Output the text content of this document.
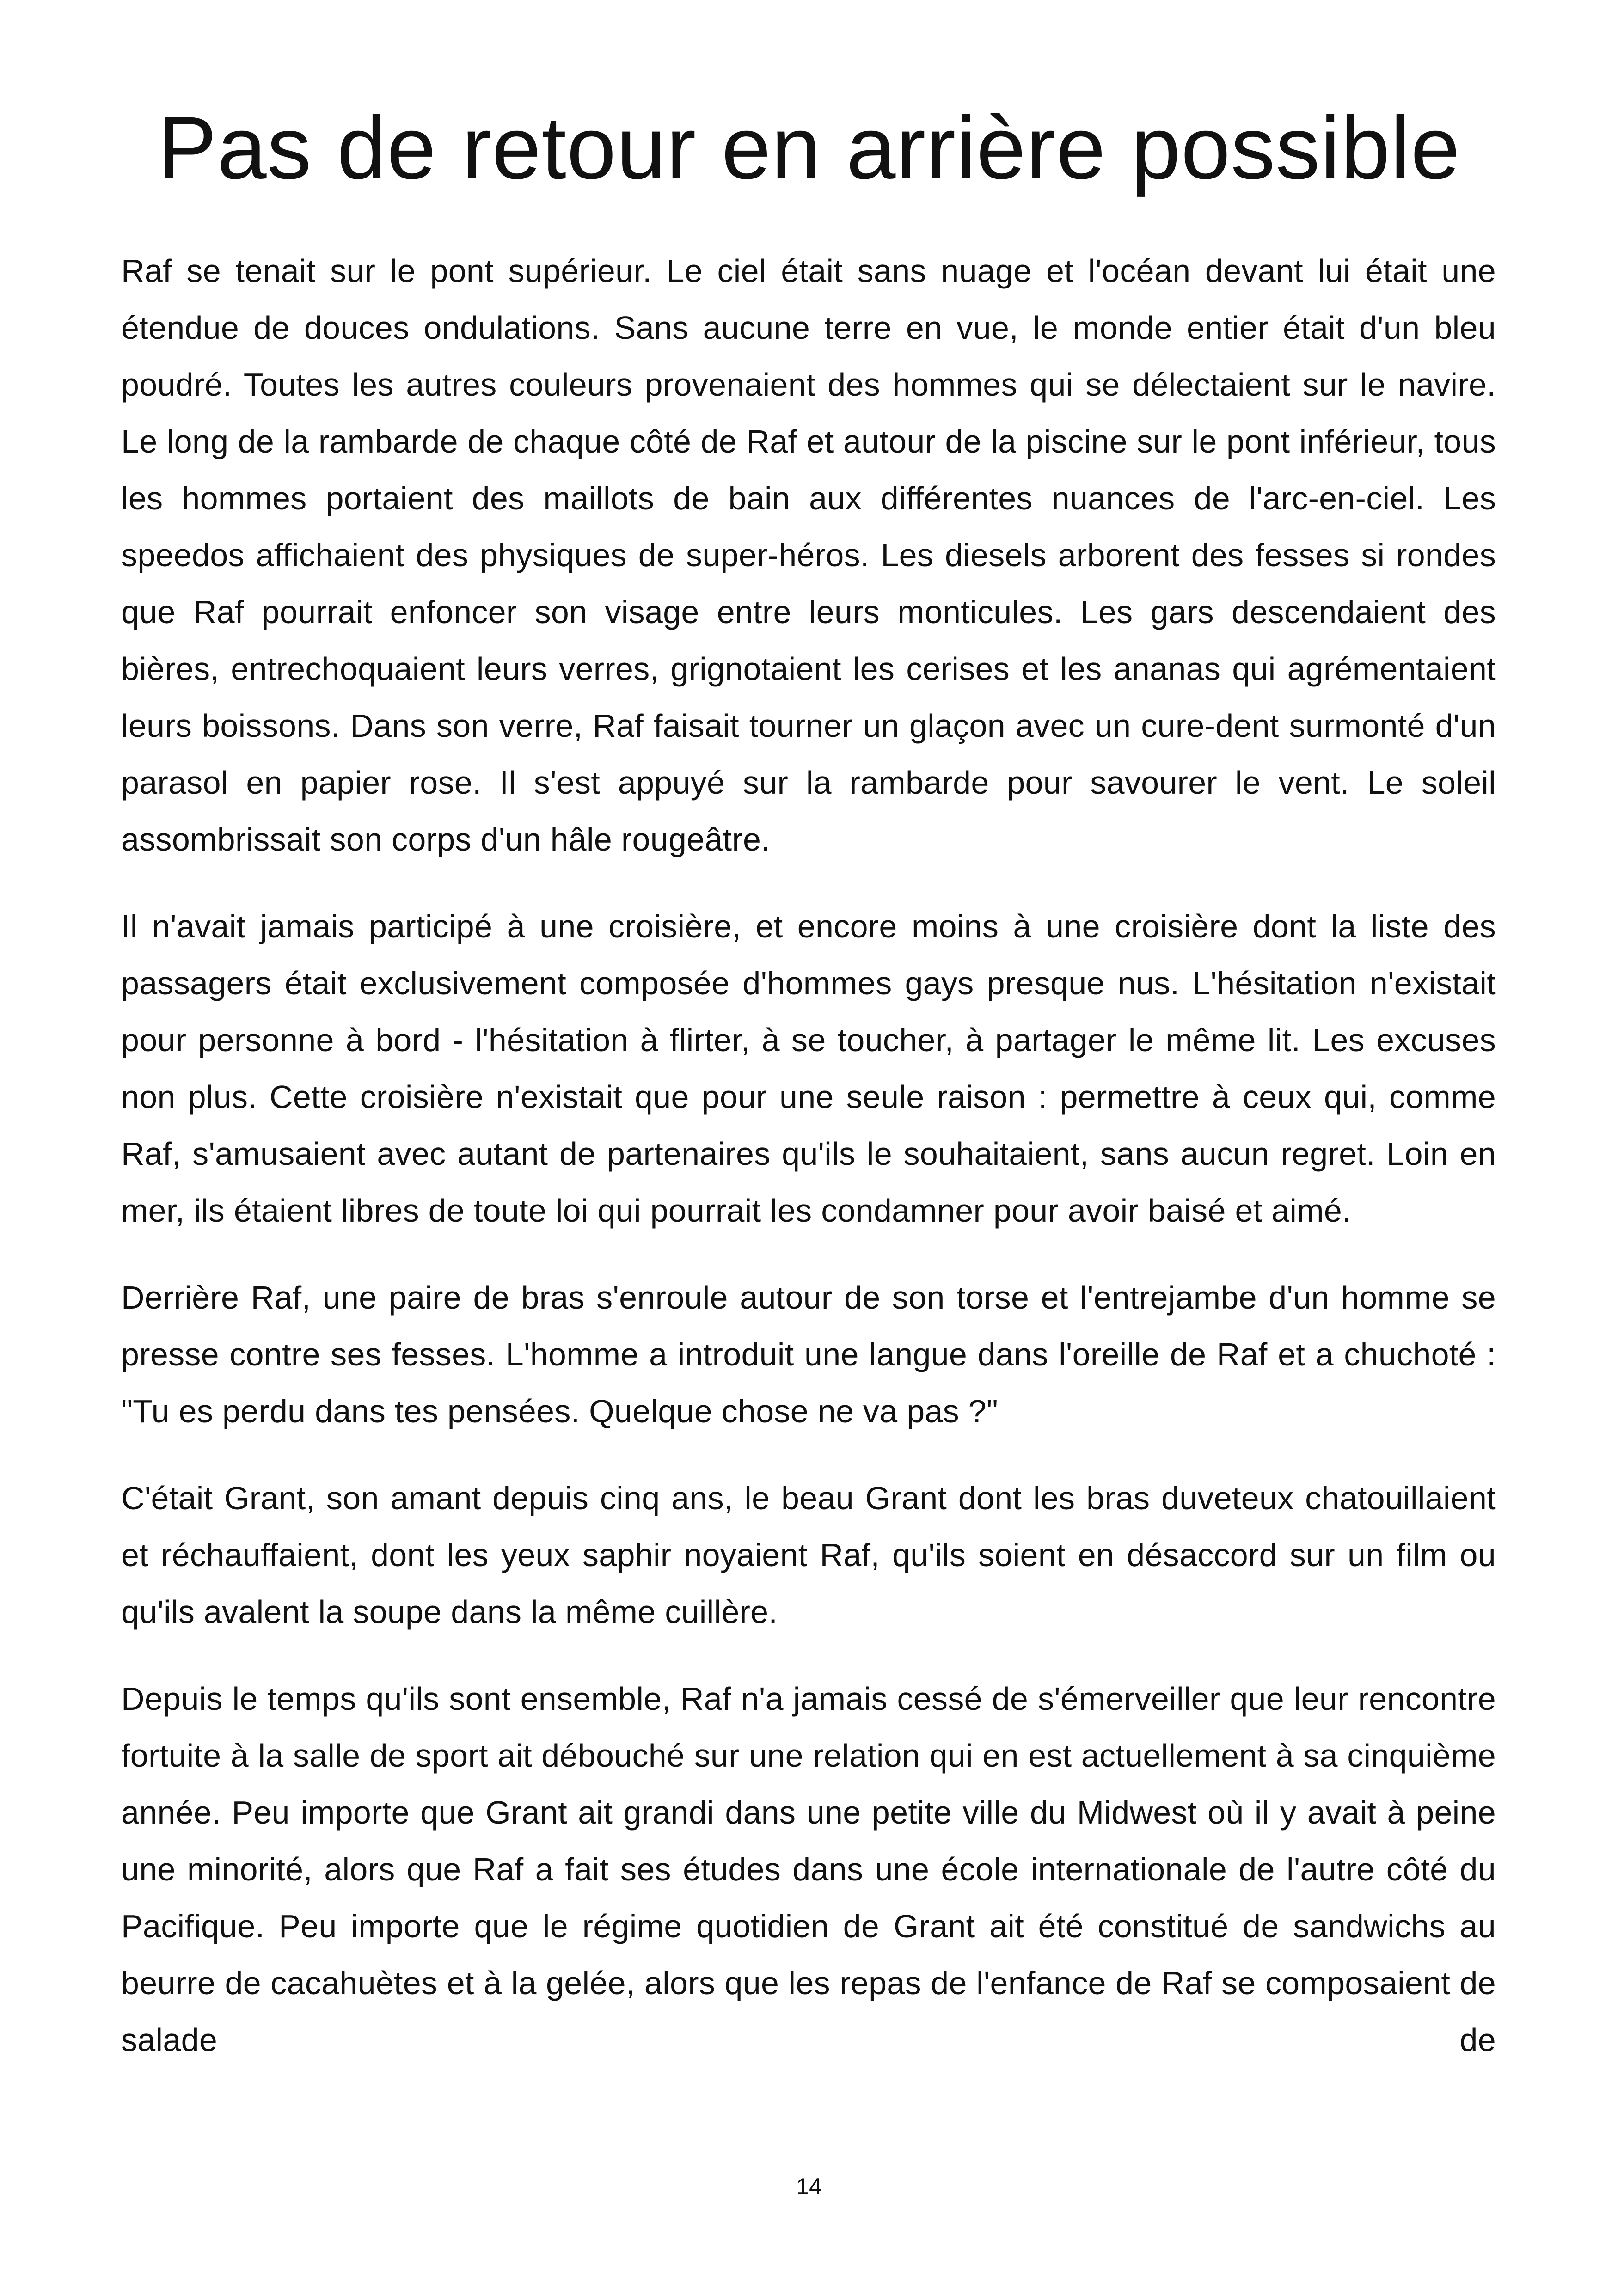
Pas de retour en arrière possible

Raf se tenait sur le pont supérieur. Le ciel était sans nuage et l'océan devant lui était une étendue de douces ondulations. Sans aucune terre en vue, le monde entier était d'un bleu poudré. Toutes les autres couleurs provenaient des hommes qui se délectaient sur le navire. Le long de la rambarde de chaque côté de Raf et autour de la piscine sur le pont inférieur, tous les hommes portaient des maillots de bain aux différentes nuances de l'arc-en-ciel. Les speedos affichaient des physiques de super-héros. Les diesels arborent des fesses si rondes que Raf pourrait enfoncer son visage entre leurs monticules. Les gars descendaient des bières, entrechoquaient leurs verres, grignotaient les cerises et les ananas qui agrémentaient leurs boissons. Dans son verre, Raf faisait tourner un glaçon avec un cure-dent surmonté d'un parasol en papier rose. Il s'est appuyé sur la rambarde pour savourer le vent. Le soleil assombrissait son corps d'un hâle rougeâtre.

Il n'avait jamais participé à une croisière, et encore moins à une croisière dont la liste des passagers était exclusivement composée d'hommes gays presque nus. L'hésitation n'existait pour personne à bord - l'hésitation à flirter, à se toucher, à partager le même lit. Les excuses non plus. Cette croisière n'existait que pour une seule raison : permettre à ceux qui, comme Raf, s'amusaient avec autant de partenaires qu'ils le souhaitaient, sans aucun regret. Loin en mer, ils étaient libres de toute loi qui pourrait les condamner pour avoir baisé et aimé.

Derrière Raf, une paire de bras s'enroule autour de son torse et l'entrejambe d'un homme se presse contre ses fesses. L'homme a introduit une langue dans l'oreille de Raf et a chuchoté : "Tu es perdu dans tes pensées. Quelque chose ne va pas ?"

C'était Grant, son amant depuis cinq ans, le beau Grant dont les bras duveteux chatouillaient et réchauffaient, dont les yeux saphir noyaient Raf, qu'ils soient en désaccord sur un film ou qu'ils avalent la soupe dans la même cuillère.

Depuis le temps qu'ils sont ensemble, Raf n'a jamais cessé de s'émerveiller que leur rencontre fortuite à la salle de sport ait débouché sur une relation qui en est actuellement à sa cinquième année. Peu importe que Grant ait grandi dans une petite ville du Midwest où il y avait à peine une minorité, alors que Raf a fait ses études dans une école internationale de l'autre côté du Pacifique. Peu importe que le régime quotidien de Grant ait été constitué de sandwichs au beurre de cacahuètes et à la gelée, alors que les repas de l'enfance de Raf se composaient de salade de

14
